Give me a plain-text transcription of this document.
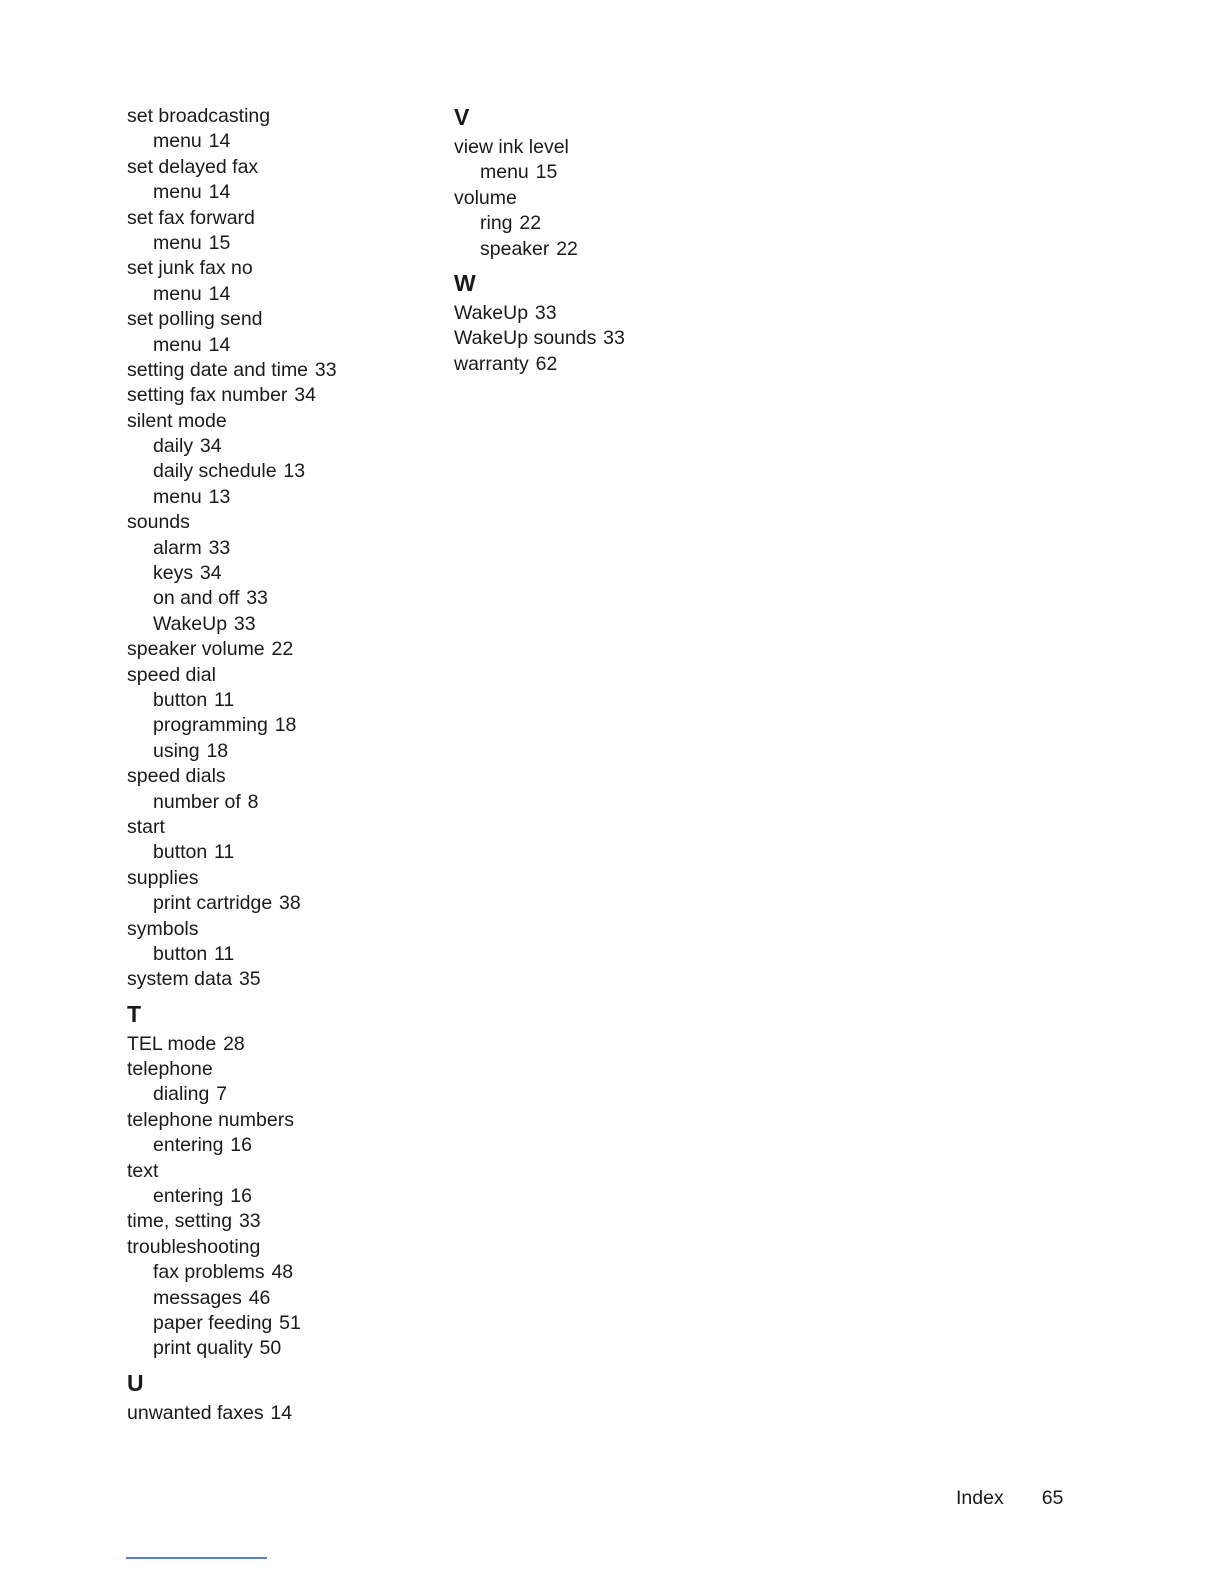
set broadcasting
menu 14
set delayed fax
menu 14
set fax forward
menu 15
set junk fax no
menu 14
set polling send
menu 14
setting date and time 33
setting fax number 34
silent mode
daily 34
daily schedule 13
menu 13
sounds
alarm 33
keys 34
on and off 33
WakeUp 33
speaker volume 22
speed dial
button 11
programming 18
using 18
speed dials
number of 8
start
button 11
supplies
print cartridge 38
symbols
button 11
system data 35
T
TEL mode 28
telephone
dialing 7
telephone numbers
entering 16
text
entering 16
time, setting 33
troubleshooting
fax problems 48
messages 46
paper feeding 51
print quality 50
U
unwanted faxes 14
V
view ink level
menu 15
volume
ring 22
speaker 22
W
WakeUp 33
WakeUp sounds 33
warranty 62
Index 65
